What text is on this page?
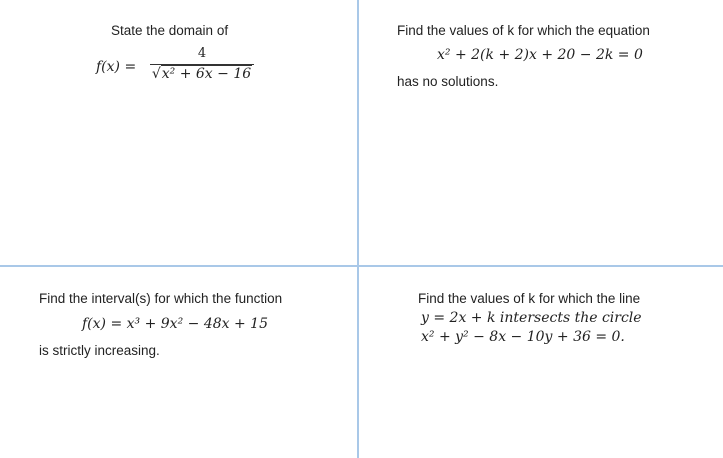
State the domain of
f(x) =
4
√x² + 6x − 16
Find the values of k for which the equation
x² + 2(k + 2)x + 20 − 2k = 0
has no solutions.
Find the interval(s) for which the function
f(x) = x³ + 9x² − 48x + 15
is strictly increasing.
Find the values of k for which the line
y = 2x + k intersects the circle
x² + y² − 8x − 10y + 36 = 0.
